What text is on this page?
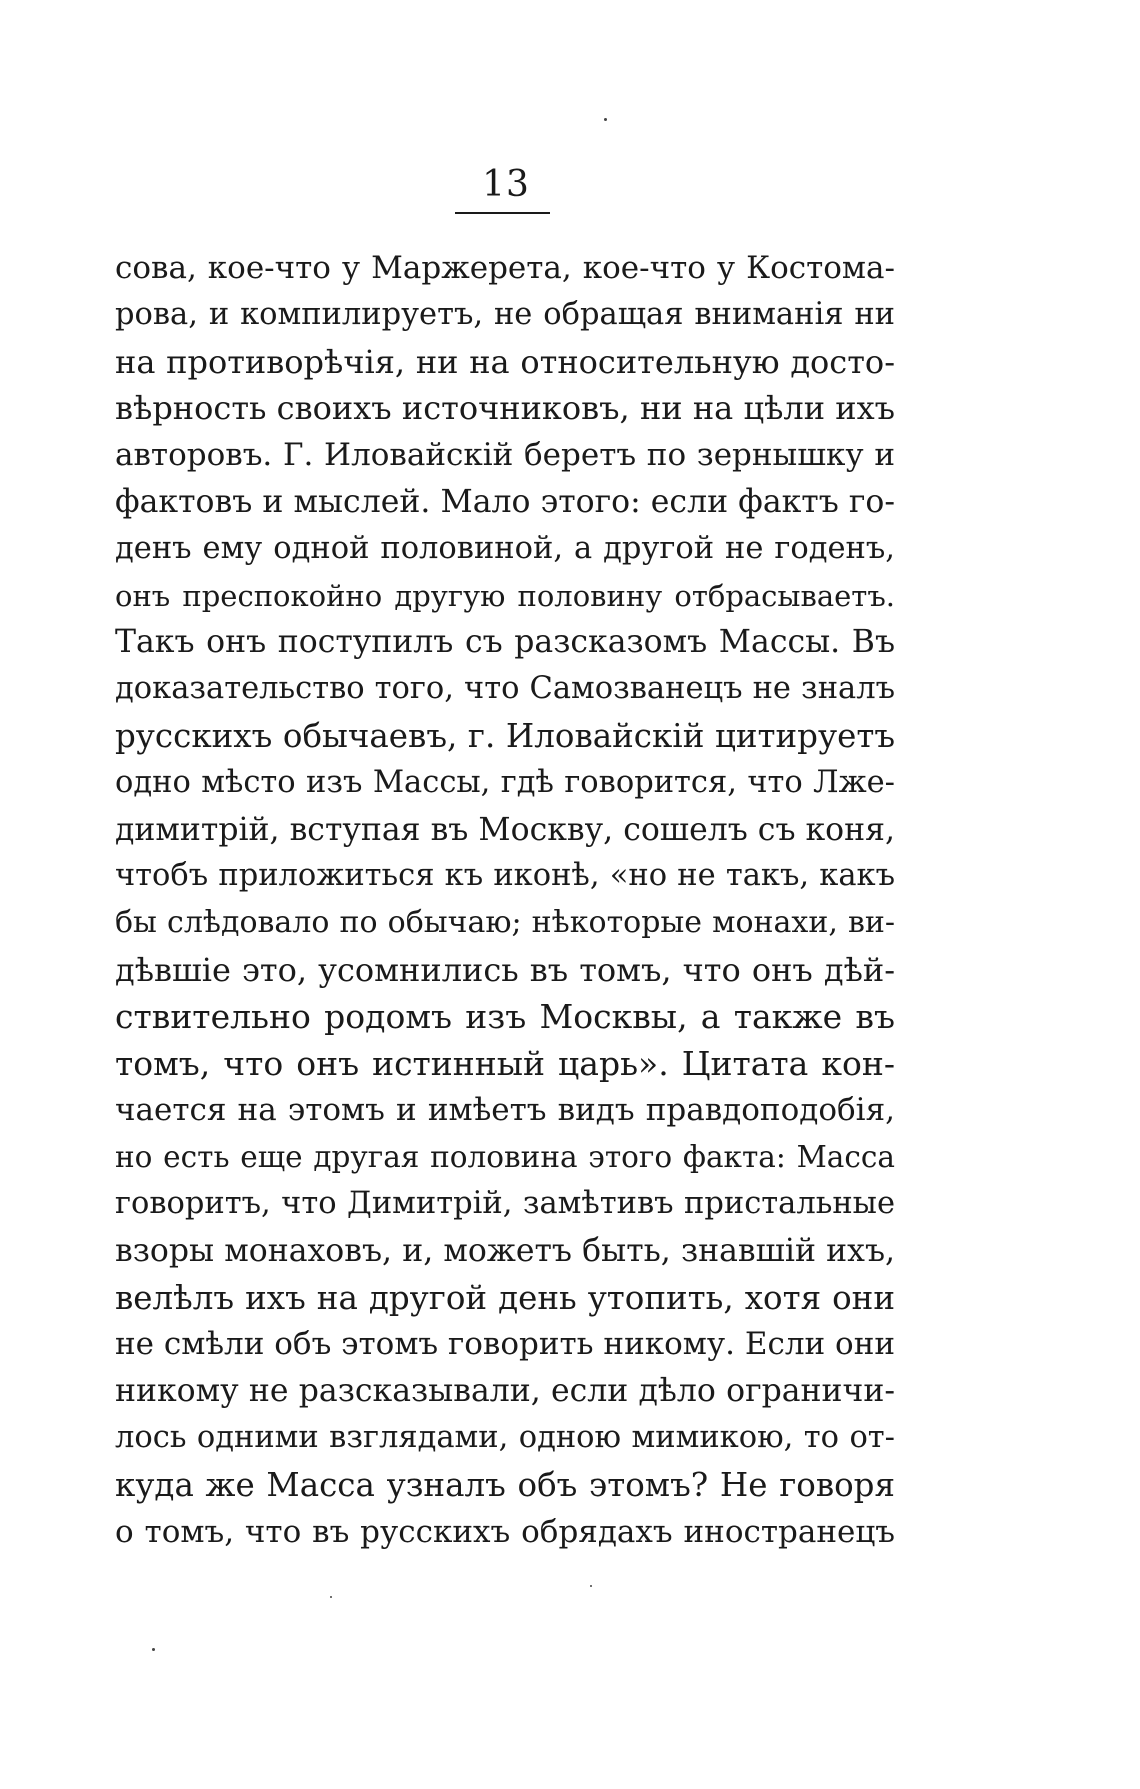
13
сова, кое-что у Маржерета, кое-что у Костома-
рова, и компилируетъ, не обращая вниманія ни
на противорѣчія, ни на относительную досто-
вѣрность своихъ источниковъ, ни на цѣли ихъ
авторовъ. Г. Иловайскій беретъ по зернышку и
фактовъ и мыслей. Мало этого: если фактъ го-
денъ ему одной половиной, а другой не годенъ,
онъ преспокойно другую половину отбрасываетъ.
Такъ онъ поступилъ съ разсказомъ Массы. Въ
доказательство того, что Самозванецъ не зналъ
русскихъ обычаевъ, г. Иловайскій цитируетъ
одно мѣсто изъ Массы, гдѣ говорится, что Лже-
димитрій, вступая въ Москву, сошелъ съ коня,
чтобъ приложиться къ иконѣ, «но не такъ, какъ
бы слѣдовало по обычаю; нѣкоторые монахи, ви-
дѣвшіе это, усомнились въ томъ, что онъ дѣй-
ствительно родомъ изъ Москвы, а также въ
томъ, что онъ истинный царь». Цитата кон-
чается на этомъ и имѣетъ видъ правдоподобія,
но есть еще другая половина этого факта: Масса
говоритъ, что Димитрій, замѣтивъ пристальные
взоры монаховъ, и, можетъ быть, знавшій ихъ,
велѣлъ ихъ на другой день утопить, хотя они
не смѣли объ этомъ говорить никому. Если они
никому не разсказывали, если дѣло ограничи-
лось одними взглядами, одною мимикою, то от-
куда же Масса узналъ объ этомъ? Не говоря
о томъ, что въ русскихъ обрядахъ иностранецъ
